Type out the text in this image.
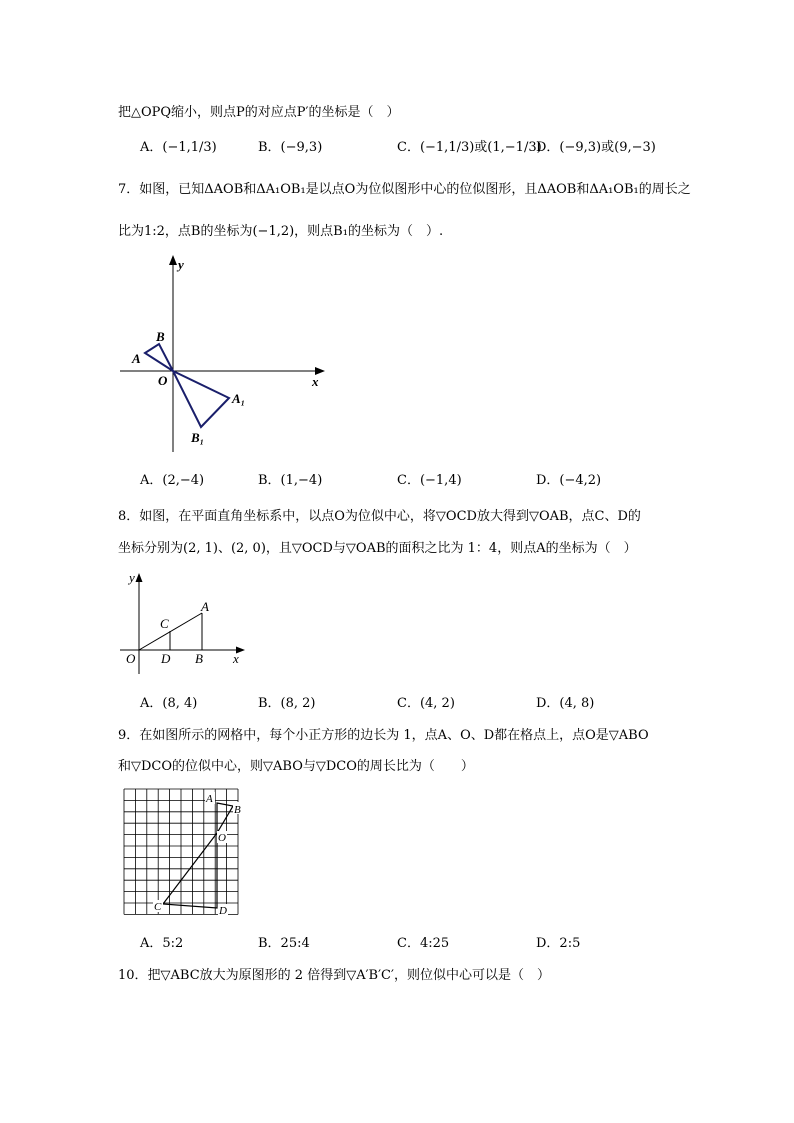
把△OPQ缩小，则点P的对应点P′的坐标是（　）
A．(−1,1/3)	B．(−9,3)	C．(−1,1/3)或(1,−1/3)
D．(−9,3)或(9,−3)
7．如图，已知ΔAOB和ΔA₁OB₁是以点O为位似图形中心的位似图形，且ΔAOB和ΔA₁OB₁的周长之
比为1:2，点B的坐标为(−1,2)，则点B₁的坐标为（　）.
y
x
O
A
B
A₁
B₁
A．(2,−4)	B．(1,−4)	C．(−1,4)	D．(−4,2)
8．如图，在平面直角坐标系中，以点O为位似中心，将▽OCD放大得到▽OAB，点C、D的
坐标分别为(2, 1)、(2, 0)，且▽OCD与▽OAB的面积之比为 1：4，则点A的坐标为（　）
y
x
O
A
C
D B
A．(8, 4)	B．(8, 2)	C．(4, 2)	D．(4, 8)
9．在如图所示的网格中，每个小正方形的边长为 1，点A、O、D都在格点上，点O是▽ABO
和▽DCO的位似中心，则▽ABO与▽DCO的周长比为（　　）
A
B
O
C	D
A．5:2	B．25:4	C．4:25	D．2:5
10．把▽ABC放大为原图形的 2 倍得到▽A′B′C′，则位似中心可以是（　）
